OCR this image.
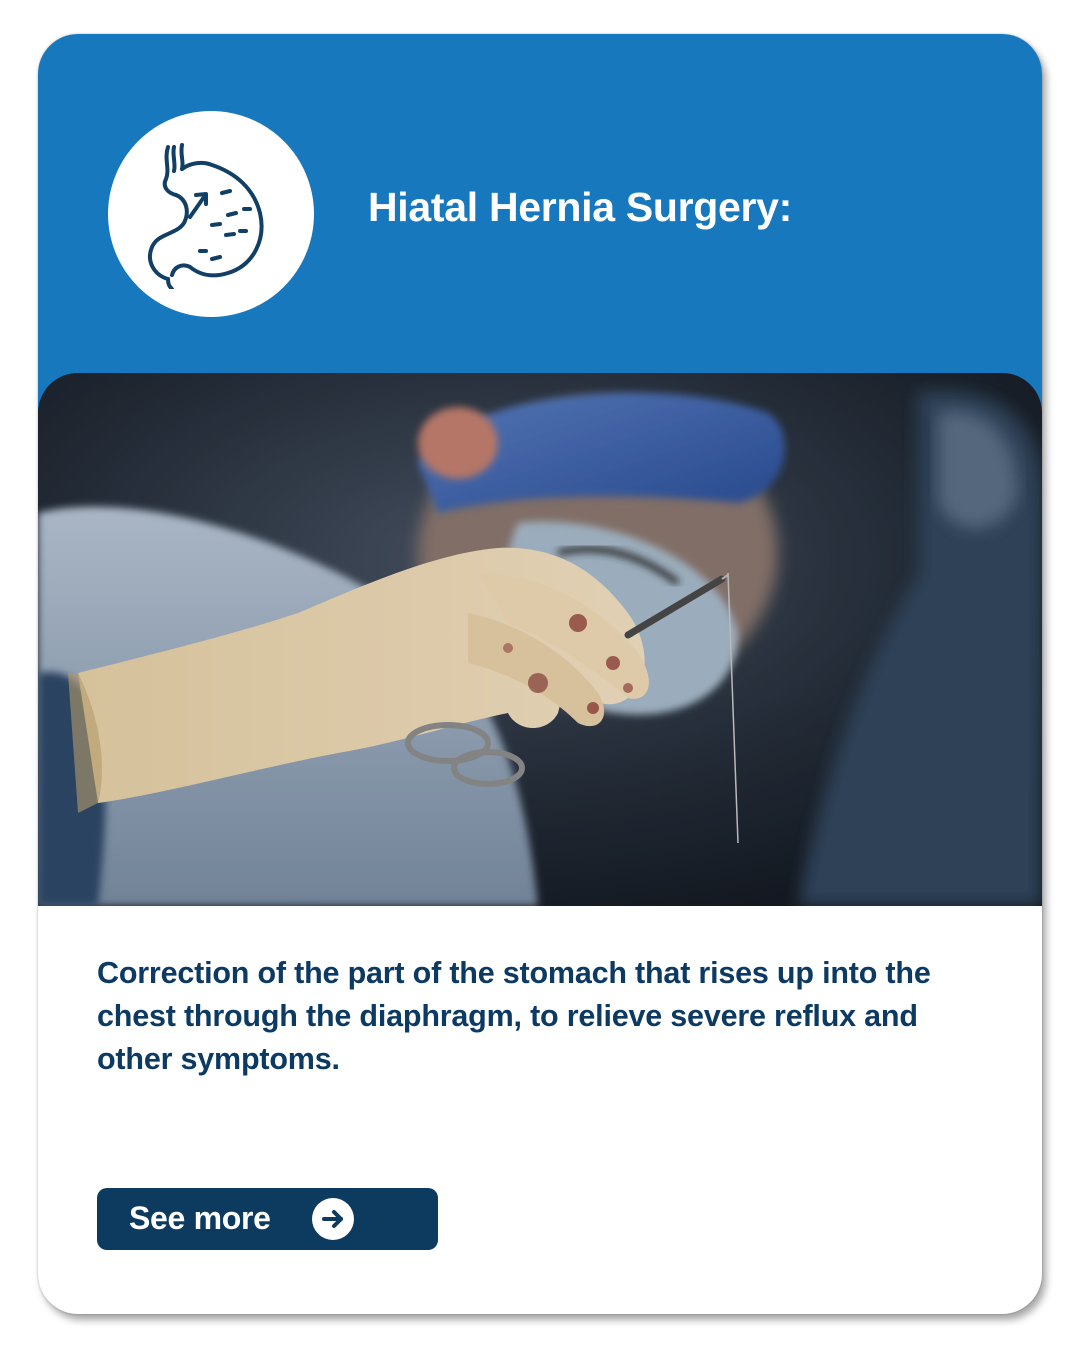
Hiatal Hernia Surgery:
Correction of the part of the stomach that rises up into the chest through the diaphragm, to relieve severe reflux and other symptoms.
See more
